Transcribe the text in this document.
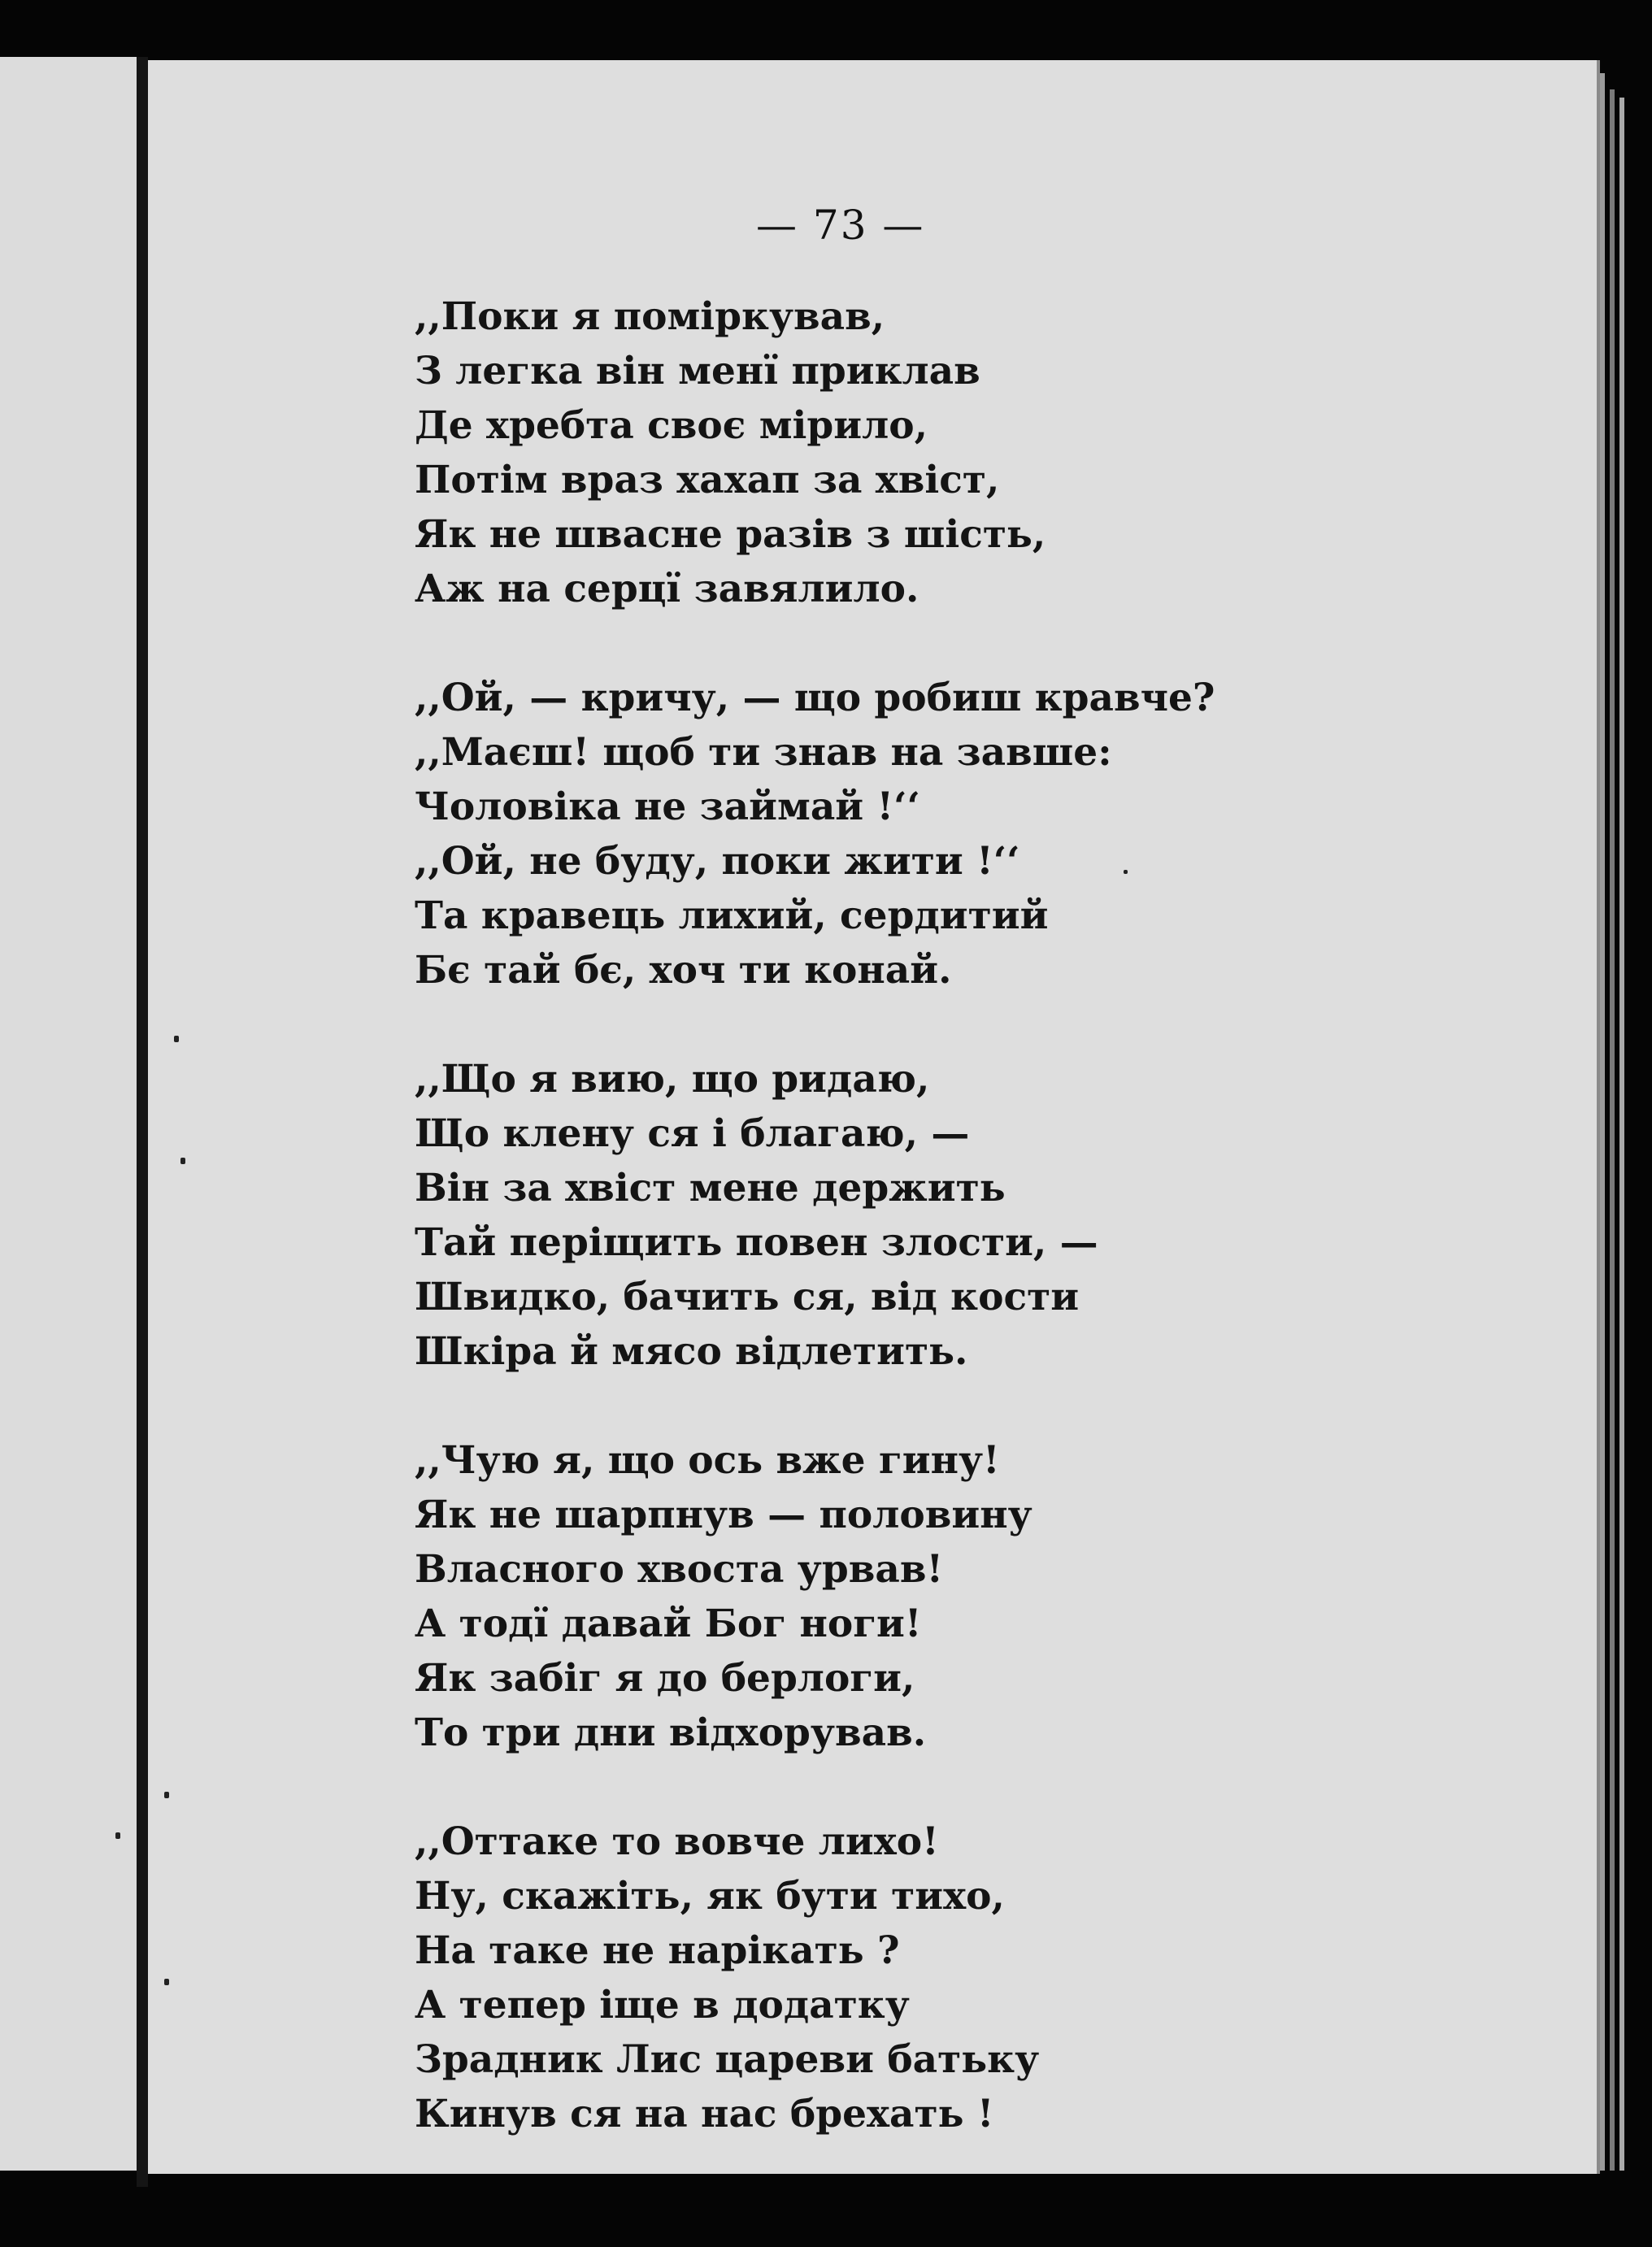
— 73 —
,,Поки я поміркував,
З легка він менї приклав
Де хребта своє мірило,
Потім враз хахап за хвіст,
Як не швасне разів з шість,
Аж на серцї завялило.
,,Ой, — кричу, — що робиш кравче?
,,Маєш! щоб ти знав на завше:
Чоловіка не займай !‘‘
,,Ой, не буду, поки жити !‘‘
Та кравець лихий, сердитий
Бє тай бє, хоч ти конай.
,,Що я вию, що ридаю,
Що клену ся і благаю, —
Він за хвіст мене держить
Тай періщить повен злости, —
Швидко, бачить ся, від кости
Шкіра й мясо відлетить.
,,Чую я, що ось вже гину!
Як не шарпнув — половину
Власного хвоста урвав!
А тодї давай Бог ноги!
Як забіг я до берлоги,
То три дни відхорував.
,,Оттаке то вовче лихо!
Ну, скажіть, як бути тихо,
На таке не нарікать ?
А тепер іще в додатку
Зрадник Лис цареви батьку
Кинув ся на нас брехать !
